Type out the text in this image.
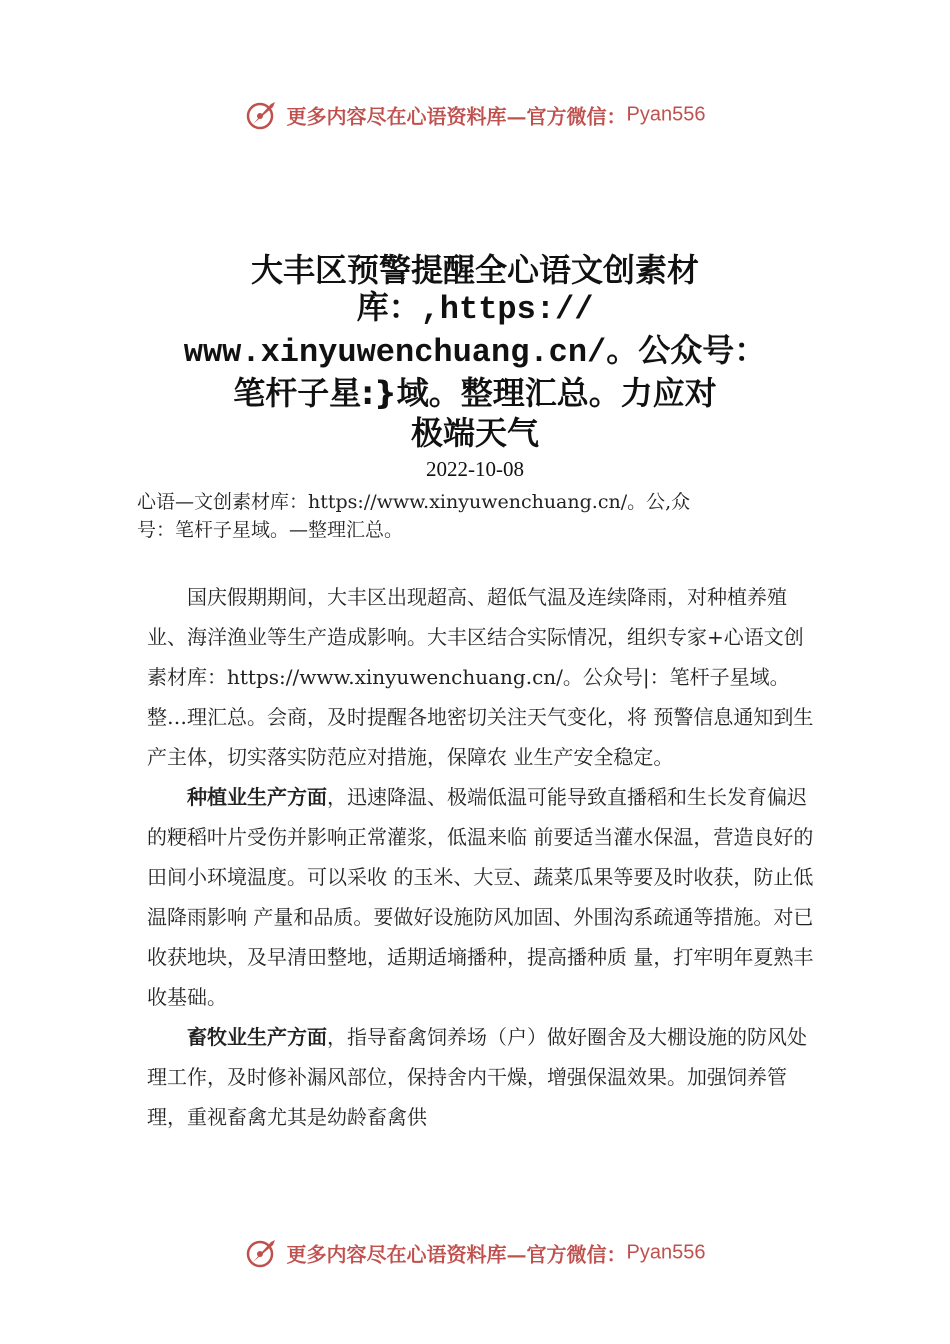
更多内容尽在心语资料库—官方微信：Pyan556
大丰区预警提醒全心语文创素材
库：,https://
www.xinyuwenchuang.cn/。公众号：
笔杆子星:}域。整理汇总。力应对
极端天气
2022-10-08
心语—文创素材库：https://www.xinyuwenchuang.cn/。公,众
号：笔杆子星域。—整理汇总。

国庆假期期间，大丰区出现超高、超低气温及连续降雨，对种植养殖业、海洋渔业等生产造成影响。大丰区结合实际情况，组织专家+心语文创素材库：https://www.xinyuwenchuang.cn/。公众号|：笔杆子星域。整…理汇总。会商，及时提醒各地密切关注天气变化，将 预警信息通知到生产主体，切实落实防范应对措施，保障农 业生产安全稳定。

种植业生产方面，迅速降温、极端低温可能导致直播稻和生长发育偏迟的粳稻叶片受伤并影响正常灌浆，低温来临 前要适当灌水保温，营造良好的田间小环境温度。可以采收 的玉米、大豆、蔬菜瓜果等要及时收获，防止低温降雨影响 产量和品质。要做好设施防风加固、外围沟系疏通等措施。对已收获地块，及早清田整地，适期适墒播种，提高播种质 量，打牢明年夏熟丰收基础。

畜牧业生产方面，指导畜禽饲养场（户）做好圈舍及大棚设施的防风处理工作，及时修补漏风部位，保持舍内干燥，增强保温效果。加强饲养管理，重视畜禽尤其是幼龄畜禽供

更多内容尽在心语资料库—官方微信：Pyan556
